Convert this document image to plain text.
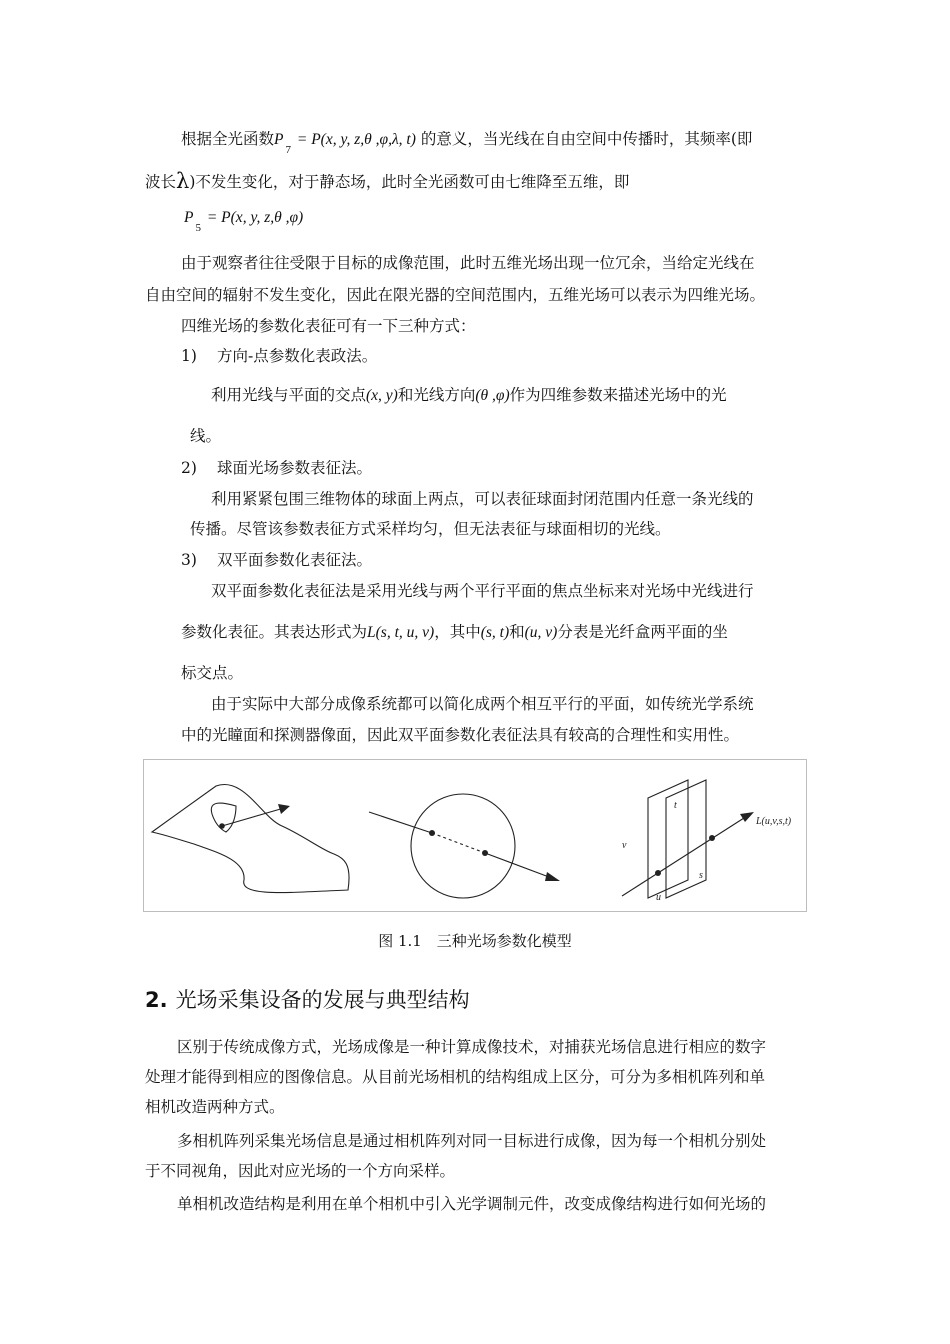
根据全光函数$P_7 = P(x$, y, z,θ ,φ,λ, t) 的意义，当光线在自由空间中传播时，其频率(即
波长λ)不发生变化，对于静态场，此时全光函数可由七维降至五维，即
$P_5 = P(x$, y, z,θ ,φ)
由于观察者往往受限于目标的成像范围，此时五维光场出现一位冗余，当给定光线在
自由空间的辐射不发生变化，因此在限光器的空间范围内，五维光场可以表示为四维光场。
四维光场的参数化表征可有一下三种方式：
1) 方向-点参数化表政法。
利用光线与平面的交点(x, y)和光线方向(θ ,φ)作为四维参数来描述光场中的光
线。
2) 球面光场参数表征法。
利用紧紧包围三维物体的球面上两点，可以表征球面封闭范围内任意一条光线的
传播。尽管该参数表征方式采样均匀，但无法表征与球面相切的光线。
3) 双平面参数化表征法。
双平面参数化表征法是采用光线与两个平行平面的焦点坐标来对光场中光线进行
参数化表征。其表达形式为L(s, t, u, v)，其中(s, t)和(u, v)分表是光纤盒两平面的坐
标交点。
由于实际中大部分成像系统都可以简化成两个相互平行的平面，如传统光学系统
中的光瞳面和探测器像面，因此双平面参数化表征法具有较高的合理性和实用性。
t
v
s
u
L(u,v,s,t)
图 1.1　三种光场参数化模型
2. 光场采集设备的发展与典型结构
区别于传统成像方式，光场成像是一种计算成像技术，对捕获光场信息进行相应的数字
处理才能得到相应的图像信息。从目前光场相机的结构组成上区分，可分为多相机阵列和单
相机改造两种方式。
多相机阵列采集光场信息是通过相机阵列对同一目标进行成像，因为每一个相机分别处
于不同视角，因此对应光场的一个方向采样。
单相机改造结构是利用在单个相机中引入光学调制元件，改变成像结构进行如何光场的
